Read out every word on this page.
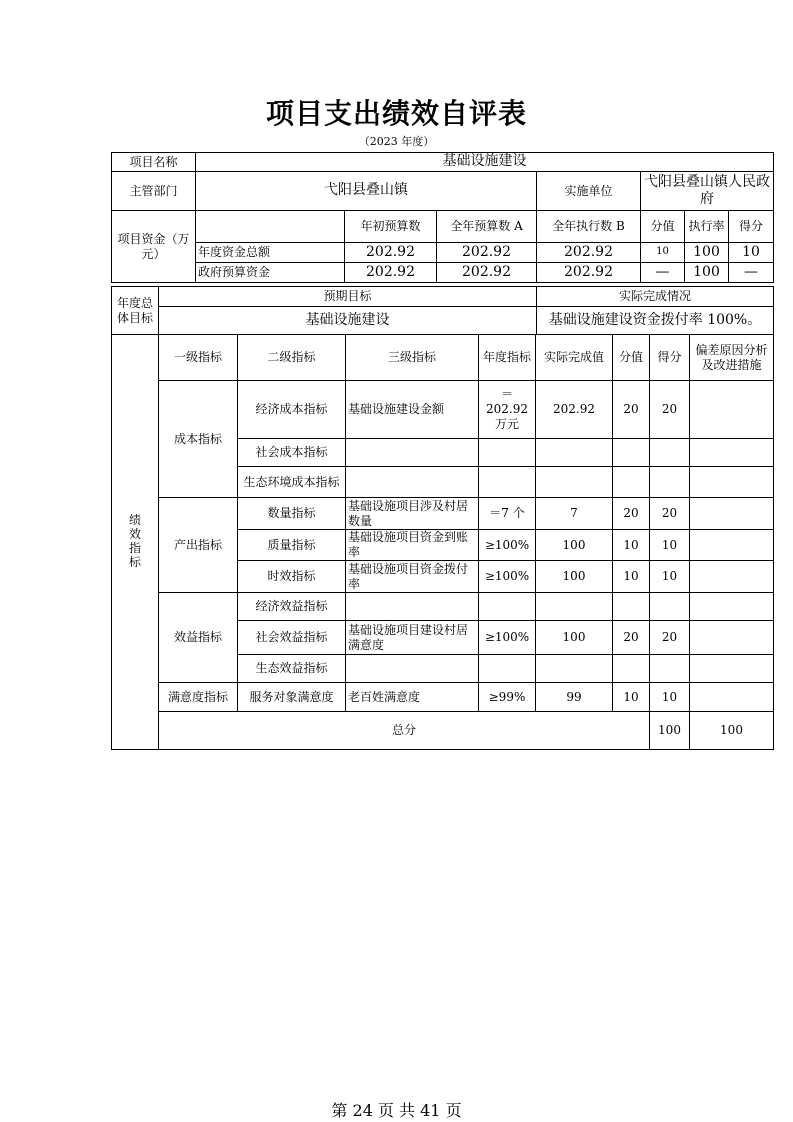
项目支出绩效自评表
（2023 年度）
项目名称	基础设施建设						
主管部门	弋阳县叠山镇			实施单位	弋阳县叠山镇人民政府		
项目资金（万元）		年初预算数	全年预算数 A	全年执行数 B	分值	执行率	得分
	年度资金总额	202.92	202.92	202.92	10	100	10
	政府预算资金	202.92	202.92	202.92	—	100	—
年度总体目标	预期目标	实际完成情况
	基础设施建设	基础设施建设资金拨付率 100%。
绩效指标	一级指标	二级指标	三级指标	年度指标	实际完成值	分值	得分	偏差原因分析及改进措施	
	成本指标	经济成本指标	基础设施建设金额	＝202.92万元	202.92	20	20		
		社会成本指标							
		生态环境成本指标							
	产出指标	数量指标	基础设施项目涉及村居数量	＝7 个	7	20	20		
		质量指标	基础设施项目资金到账率	≥100%	100	10	10		
		时效指标	基础设施项目资金拨付率	≥100%	100	10	10		
	效益指标	经济效益指标							
		社会效益指标	基础设施项目建设村居满意度	≥100%	100	20	20		
		生态效益指标							
	满意度指标	服务对象满意度	老百姓满意度	≥99%	99	10	10		
	总分						100	100	
第 24 页 共 41 页
